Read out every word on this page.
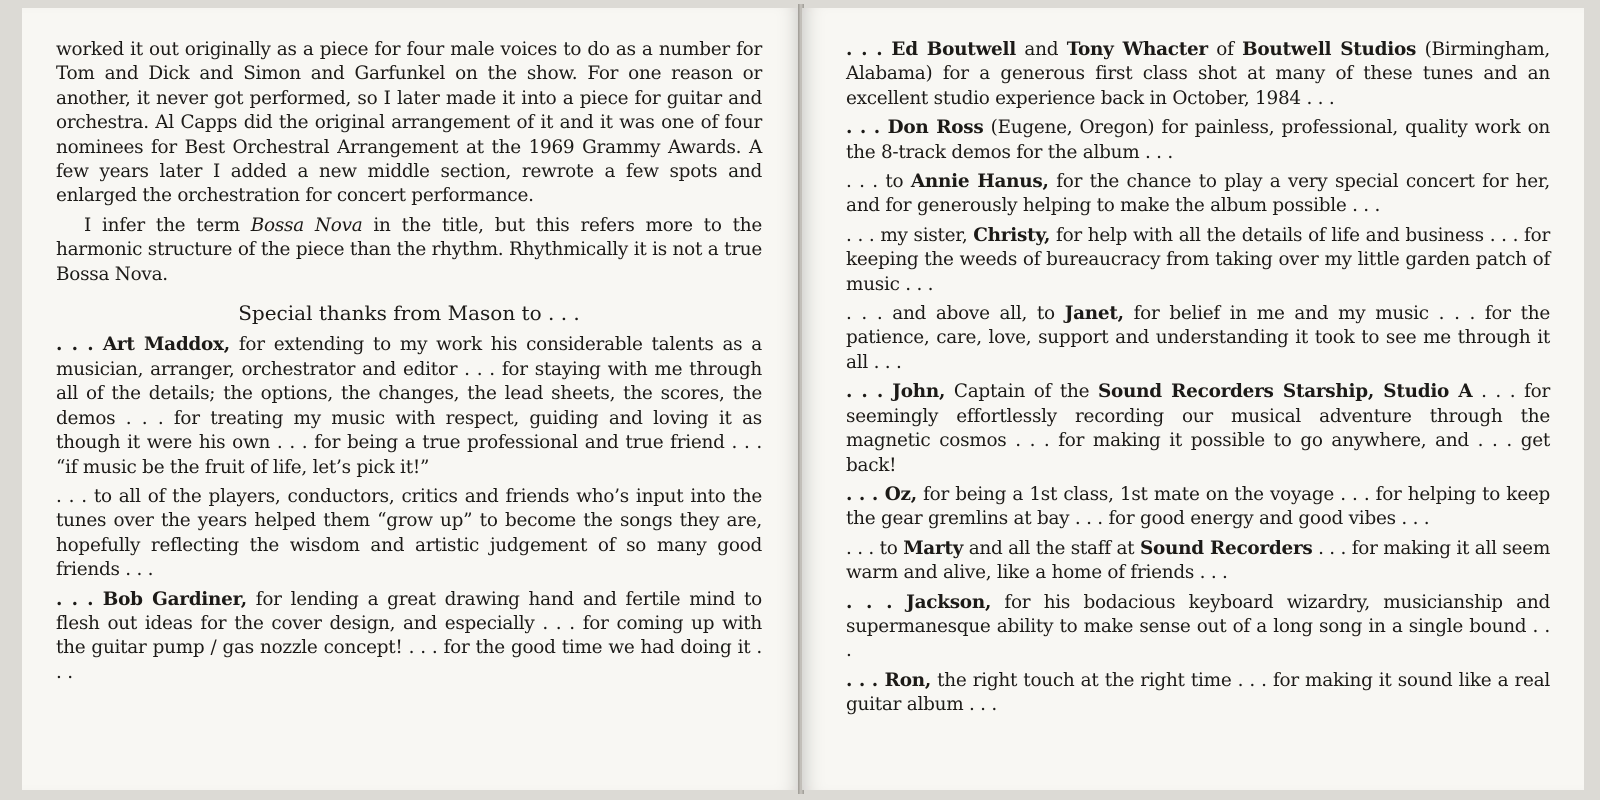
worked it out originally as a piece for four male voices to do as a number for Tom and Dick and Simon and Garfunkel on the show. For one reason or another, it never got performed, so I later made it into a piece for guitar and orchestra. Al Capps did the original arrangement of it and it was one of four nominees for Best Orchestral Arrangement at the 1969 Grammy Awards. A few years later I added a new middle section, rewrote a few spots and enlarged the orchestration for concert performance.

I infer the term Bossa Nova in the title, but this refers more to the harmonic structure of the piece than the rhythm. Rhythmically it is not a true Bossa Nova.

Special thanks from Mason to . . .

. . . Art Maddox, for extending to my work his considerable talents as a musician, arranger, orchestrator and editor . . . for staying with me through all of the details; the options, the changes, the lead sheets, the scores, the demos . . . for treating my music with respect, guiding and loving it as though it were his own . . . for being a true professional and true friend . . . “if music be the fruit of life, let’s pick it!”

. . . to all of the players, conductors, critics and friends who’s input into the tunes over the years helped them “grow up” to become the songs they are, hopefully reflecting the wisdom and artistic judgement of so many good friends . . .

. . . Bob Gardiner, for lending a great drawing hand and fertile mind to flesh out ideas for the cover design, and especially . . . for coming up with the guitar pump / gas nozzle concept! . . . for the good time we had doing it . . .

. . . Ed Boutwell and Tony Whacter of Boutwell Studios (Birmingham, Alabama) for a generous first class shot at many of these tunes and an excellent studio experience back in October, 1984 . . .

. . . Don Ross (Eugene, Oregon) for painless, professional, quality work on the 8-track demos for the album . . .

. . . to Annie Hanus, for the chance to play a very special concert for her, and for generously helping to make the album possible . . .

. . . my sister, Christy, for help with all the details of life and business . . . for keeping the weeds of bureaucracy from taking over my little garden patch of music . . .

. . . and above all, to Janet, for belief in me and my music . . . for the patience, care, love, support and understanding it took to see me through it all . . .

. . . John, Captain of the Sound Recorders Starship, Studio A . . . for seemingly effortlessly recording our musical adventure through the magnetic cosmos . . . for making it possible to go anywhere, and . . . get back!

. . . Oz, for being a 1st class, 1st mate on the voyage . . . for helping to keep the gear gremlins at bay . . . for good energy and good vibes . . .

. . . to Marty and all the staff at Sound Recorders . . . for making it all seem warm and alive, like a home of friends . . .

. . . Jackson, for his bodacious keyboard wizardry, musicianship and supermanesque ability to make sense out of a long song in a single bound . . .

. . . Ron, the right touch at the right time . . . for making it sound like a real guitar album . . .
